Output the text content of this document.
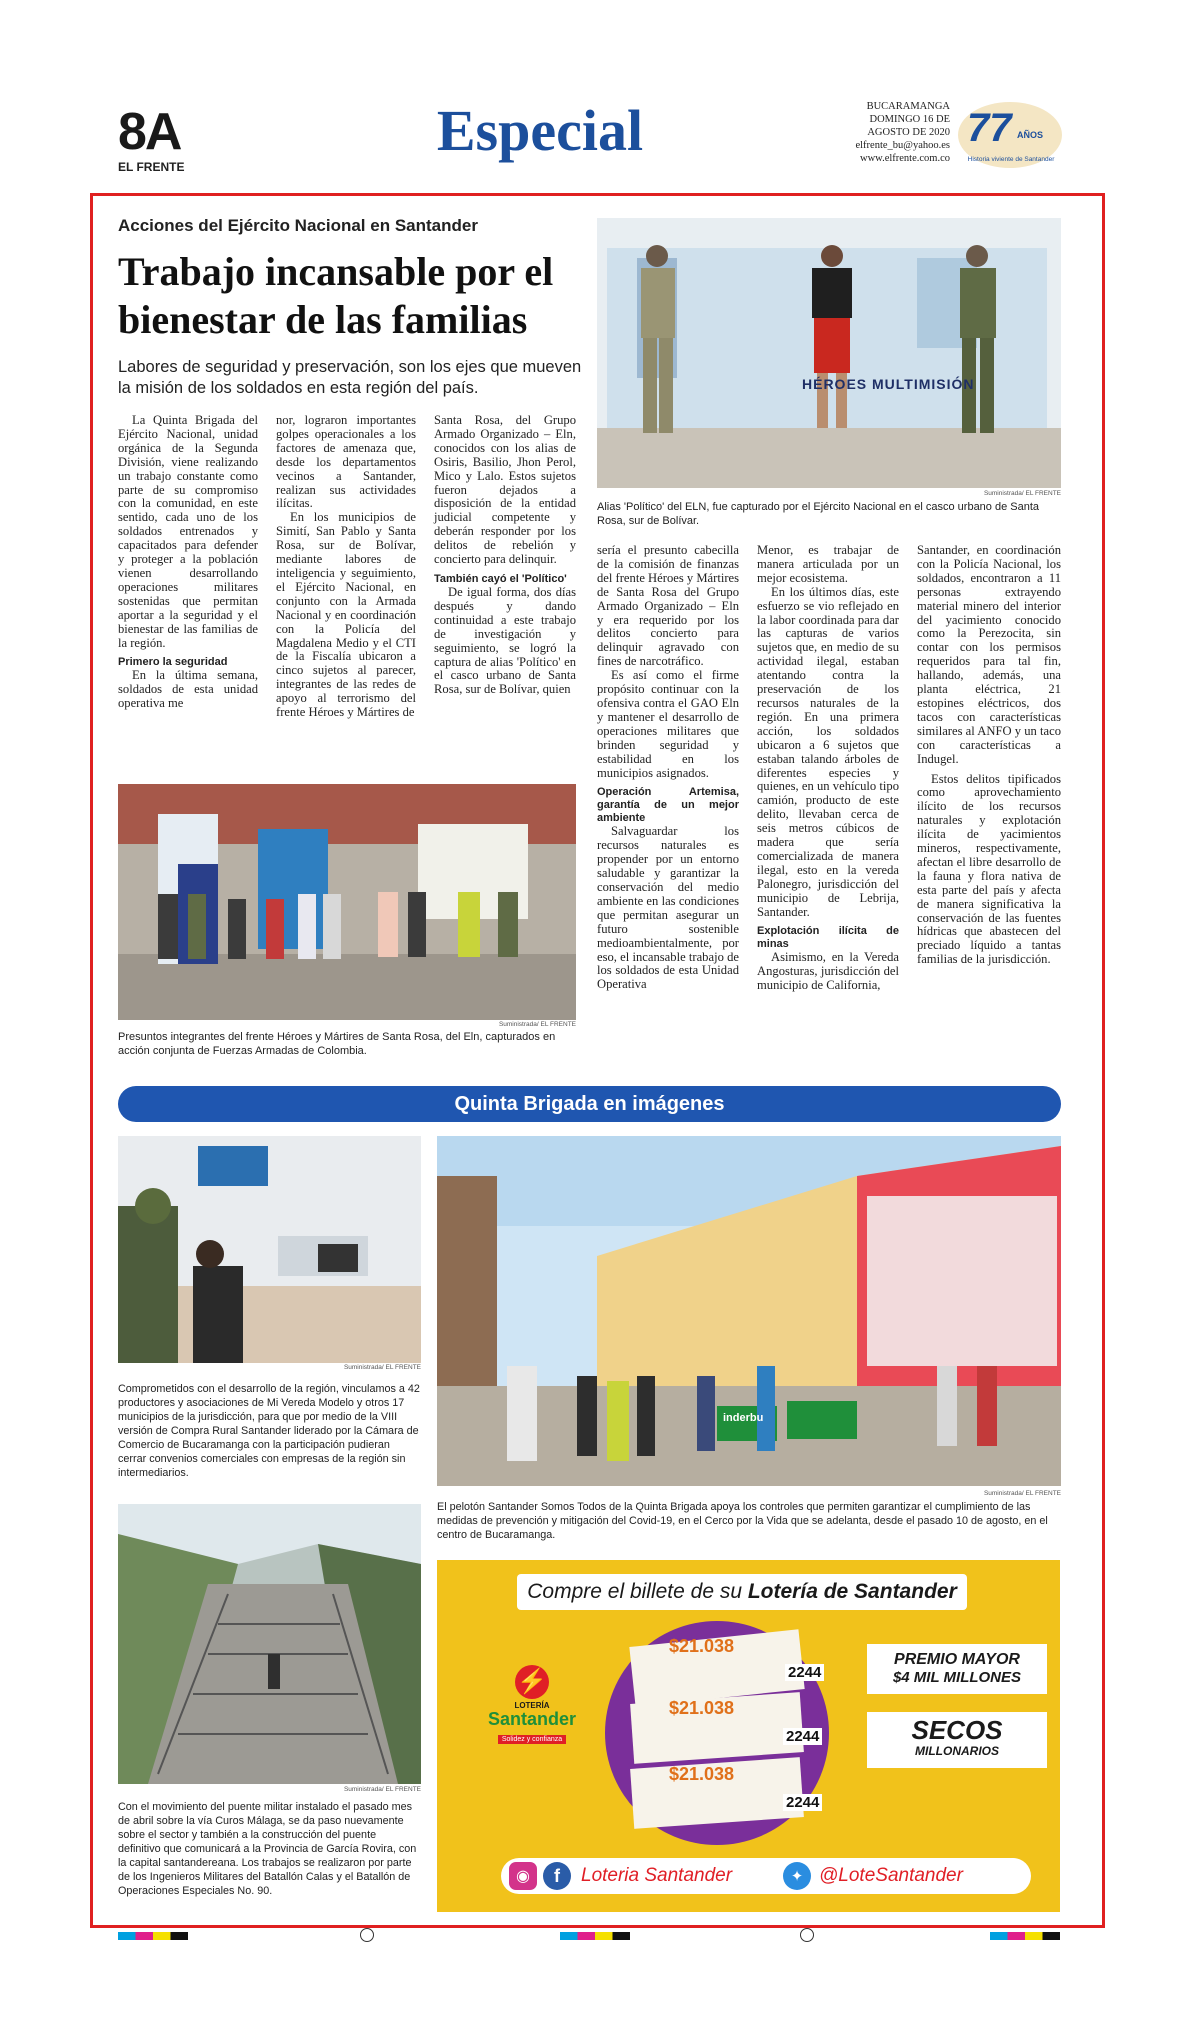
8A
EL FRENTE
Especial	BUCARAMANGA
DOMINGO 16 DE AGOSTO DE 2020
elfrente_bu@yahoo.es
www.elfrente.com.co
77 AÑOS
Historia viviente de Santander
Acciones del Ejército Nacional en Santander
Trabajo incansable por el bienestar de las familias
Labores de seguridad y preservación, son los ejes que mueven la misión de los soldados en esta región del país.	HÉROES MULTIMISIÓN
Suministrada/ EL FRENTE
Alias 'Político' del ELN, fue capturado por el Ejército Nacional en el casco urbano de Santa Rosa, sur de Bolívar.

La Quinta Brigada del Ejército Nacional, unidad orgánica de la Segunda División, viene realizando un trabajo constante como parte de su compromiso con la comunidad, en este sentido, cada uno de los soldados entrenados y capacitados para defender y proteger a la población vienen desarrollando operaciones militares sostenidas que permitan aportar a la seguridad y el bienestar de las familias de la región.

Primero la seguridad

En la última semana, soldados de esta unidad operativa me

nor, lograron importantes golpes operacionales a los factores de amenaza que, desde los departamentos vecinos a Santander, realizan sus actividades ilícitas.

En los municipios de Simití, San Pablo y Santa Rosa, sur de Bolívar, mediante labores de inteligencia y seguimiento, el Ejército Nacional, en conjunto con la Armada Nacional y en coordinación con la Policía del Magdalena Medio y el CTI de la Fiscalía ubicaron a cinco sujetos al parecer, integrantes de las redes de apoyo al terrorismo del frente Héroes y Mártires de

Santa Rosa, del Grupo Armado Organizado – Eln, conocidos con los alias de Osiris, Basilio, Jhon Perol, Mico y Lalo. Estos sujetos fueron dejados a disposición de la entidad judicial competente y deberán responder por los delitos de rebelión y concierto para delinquir.

También cayó el 'Político'

De igual forma, dos días después y dando continuidad a este trabajo de investigación y seguimiento, se logró la captura de alias 'Político' en el casco urbano de Santa Rosa, sur de Bolívar, quien

Suministrada/ EL FRENTE
Presuntos integrantes del frente Héroes y Mártires de Santa Rosa, del Eln, capturados en acción conjunta de Fuerzas Armadas de Colombia.

sería el presunto cabecilla de la comisión de finanzas del frente Héroes y Mártires de Santa Rosa del Grupo Armado Organizado – Eln y era requerido por los delitos concierto para delinquir agravado con fines de narcotráfico.

Es así como el firme propósito continuar con la ofensiva contra el GAO Eln y mantener el desarrollo de operaciones militares que brinden seguridad y estabilidad en los municipios asignados.

Operación Artemisa, garantía de un mejor ambiente

Salvaguardar los recursos naturales es propender por un entorno saludable y garantizar la conservación del medio ambiente en las condiciones que permitan asegurar un futuro sostenible medioambientalmente, por eso, el incansable trabajo de los soldados de esta Unidad Operativa

Menor, es trabajar de manera articulada por un mejor ecosistema.

En los últimos días, este esfuerzo se vio reflejado en la labor coordinada para dar las capturas de varios sujetos que, en medio de su actividad ilegal, estaban atentando contra la preservación de los recursos naturales de la región. En una primera acción, los soldados ubicaron a 6 sujetos que estaban talando árboles de diferentes especies y quienes, en un vehículo tipo camión, producto de este delito, llevaban cerca de seis metros cúbicos de madera que sería comercializada de manera ilegal, esto en la vereda Palonegro, jurisdicción del municipio de Lebrija, Santander.

Explotación ilícita de minas

Asimismo, en la Vereda Angosturas, jurisdicción del municipio de California,

Santander, en coordinación con la Policía Nacional, los soldados, encontraron a 11 personas extrayendo material minero del interior del yacimiento conocido como la Perezocita, sin contar con los permisos requeridos para tal fin, hallando, además, una planta eléctrica, 21 estopines eléctricos, dos tacos con características similares al ANFO y un taco con características a Indugel.

Estos delitos tipificados como aprovechamiento ilícito de los recursos naturales y explotación ilícita de yacimientos mineros, respectivamente, afectan el libre desarrollo de la fauna y flora nativa de esta parte del país y afecta de manera significativa la conservación de las fuentes hídricas que abastecen del preciado líquido a tantas familias de la jurisdicción.

Quinta Brigada en imágenes
Suministrada/ EL FRENTE
Comprometidos con el desarrollo de la región, vinculamos a 42 productores y asociaciones de Mi Vereda Modelo y otros 17 municipios de la jurisdicción, para que por medio de la VIII versión de Compra Rural Santander liderado por la Cámara de Comercio de Bucaramanga con la participación pudieran cerrar convenios comerciales con empresas de la región sin intermediarios.
inderbu
Suministrada/ EL FRENTE
El pelotón Santander Somos Todos de la Quinta Brigada apoya los controles que permiten garantizar el cumplimiento de las medidas de prevención y mitigación del Covid-19, en el Cerco por la Vida que se adelanta, desde el pasado 10 de agosto, en el centro de Bucaramanga.
Suministrada/ EL FRENTE
Con el movimiento del puente militar instalado el pasado mes de abril sobre la vía Curos Málaga, se da paso nuevamente sobre el sector y también a la construcción del puente definitivo que comunicará a la Provincia de García Rovira, con la capital santandereana. Los trabajos se realizaron por parte de los Ingenieros Militares del Batallón Calas y el Batallón de Operaciones Especiales No. 90.
Compre el billete de su Lotería de Santander
$21.038
$21.038
$21.038
2244
2244
2244
PREMIO MAYOR
$4 MIL MILLONES
SECOS
MILLONARIOS
⚡
LOTERÍA
Santander
Solidez y confianza
◉	f	Loteria Santander	✦ @LoteSantander
